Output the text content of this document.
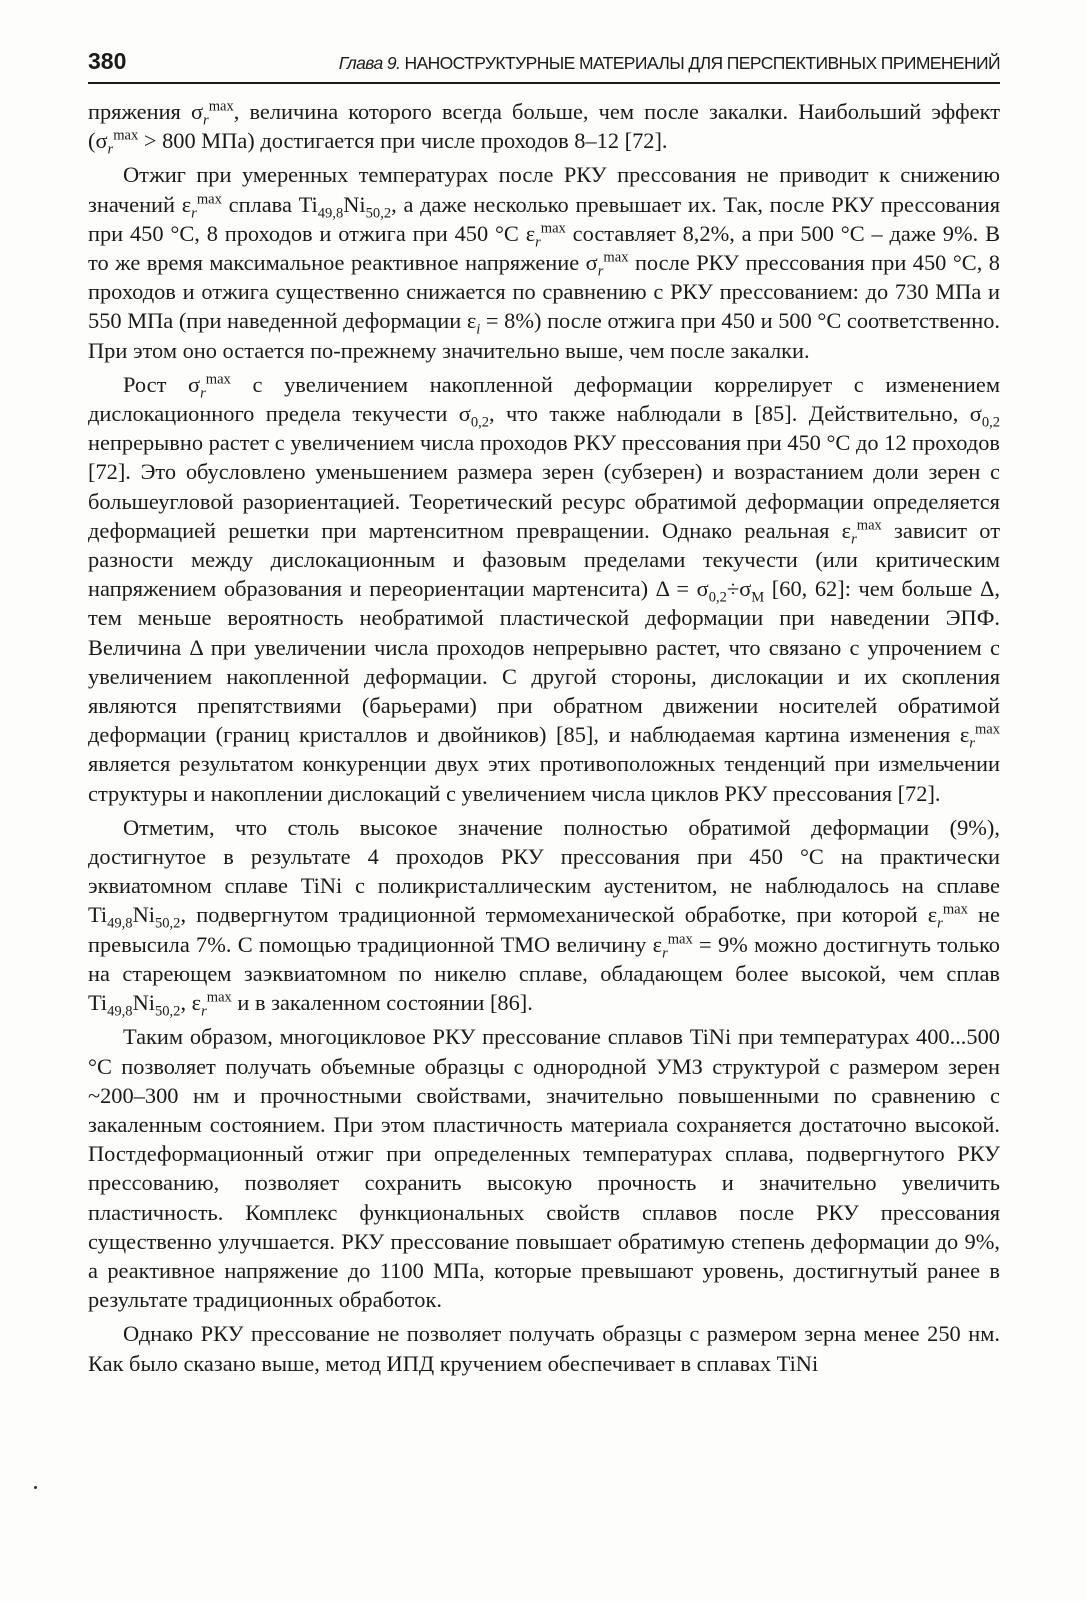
380	Глава 9. НАНОСТРУКТУРНЫЕ МАТЕРИАЛЫ ДЛЯ ПЕРСПЕКТИВНЫХ ПРИМЕНЕНИЙ

пряжения $\sigma_r^{max}$, величина которого всегда больше, чем после закалки. Наибольший эффект ($\sigma_r^{max} > 800$ МПа) достигается при числе проходов 8–12 [72].

Отжиг при умеренных температурах после РКУ прессования не приводит к снижению значений $\varepsilon_r^{max}$ сплава $Ti_{49,8}Ni_{50,2}$, а даже несколько превышает их. Так, после РКУ прессования при 450 °С, 8 проходов и отжига при 450 °С $\varepsilon_r^{max}$ составляет 8,2%, а при 500 °С – даже 9%. В то же время максимальное реактивное напряжение $\sigma_r^{max}$ после РКУ прессования при 450 °С, 8 проходов и отжига существенно снижается по сравнению с РКУ прессованием: до 730 МПа и 550 МПа (при наведенной деформации $\varepsilon_i = 8\%$) после отжига при 450 и 500 °С соответственно. При этом оно остается по-прежнему значительно выше, чем после закалки.

Рост $\sigma_r^{max}$ с увеличением накопленной деформации коррелирует с изменением дислокационного предела текучести $\sigma_{0,2}$, что также наблюдали в [85]. Действительно, $\sigma_{0,2}$ непрерывно растет с увеличением числа проходов РКУ прессования при 450 °С до 12 проходов [72]. Это обусловлено уменьшением размера зерен (субзерен) и возрастанием доли зерен с большеугловой разориентацией. Теоретический ресурс обратимой деформации определяется деформацией решетки при мартенситном превращении. Однако реальная $\varepsilon_r^{max}$ зависит от разности между дислокационным и фазовым пределами текучести (или критическим напряжением образования и переориентации мартенсита) $\Delta = \sigma_{0,2}\div\sigma_M$ [60, 62]: чем больше Δ, тем меньше вероятность необратимой пластической деформации при наведении ЭПФ. Величина Δ при увеличении числа проходов непрерывно растет, что связано с упрочением с увеличением накопленной деформации. С другой стороны, дислокации и их скопления являются препятствиями (барьерами) при обратном движении носителей обратимой деформации (границ кристаллов и двойников) [85], и наблюдаемая картина изменения $\varepsilon_r^{max}$ является результатом конкуренции двух этих противоположных тенденций при измельчении структуры и накоплении дислокаций с увеличением числа циклов РКУ прессования [72].

Отметим, что столь высокое значение полностью обратимой деформации (9%), достигнутое в результате 4 проходов РКУ прессования при 450 °С на практически эквиатомном сплаве TiNi с поликристаллическим аустенитом, не наблюдалось на сплаве $Ti_{49,8}Ni_{50,2}$, подвергнутом традиционной термомеханической обработке, при которой $\varepsilon_r^{max}$ не превысила 7%. С помощью традиционной ТМО величину $\varepsilon_r^{max} = 9\%$ можно достигнуть только на стареющем заэквиатомном по никелю сплаве, обладающем более высокой, чем сплав $Ti_{49,8}Ni_{50,2}$, $\varepsilon_r^{max}$ и в закаленном состоянии [86].

Таким образом, многоцикловое РКУ прессование сплавов TiNi при температурах 400...500 °С позволяет получать объемные образцы с однородной УМЗ структурой с размером зерен ~200–300 нм и прочностными свойствами, значительно повышенными по сравнению с закаленным состоянием. При этом пластичность материала сохраняется достаточно высокой. Постдеформационный отжиг при определенных температурах сплава, подвергнутого РКУ прессованию, позволяет сохранить высокую прочность и значительно увеличить пластичность. Комплекс функциональных свойств сплавов после РКУ прессования существенно улучшается. РКУ прессование повышает обратимую степень деформации до 9%, а реактивное напряжение до 1100 МПа, которые превышают уровень, достигнутый ранее в результате традиционных обработок.

Однако РКУ прессование не позволяет получать образцы с размером зерна менее 250 нм. Как было сказано выше, метод ИПД кручением обеспечивает в сплавах TiNi
